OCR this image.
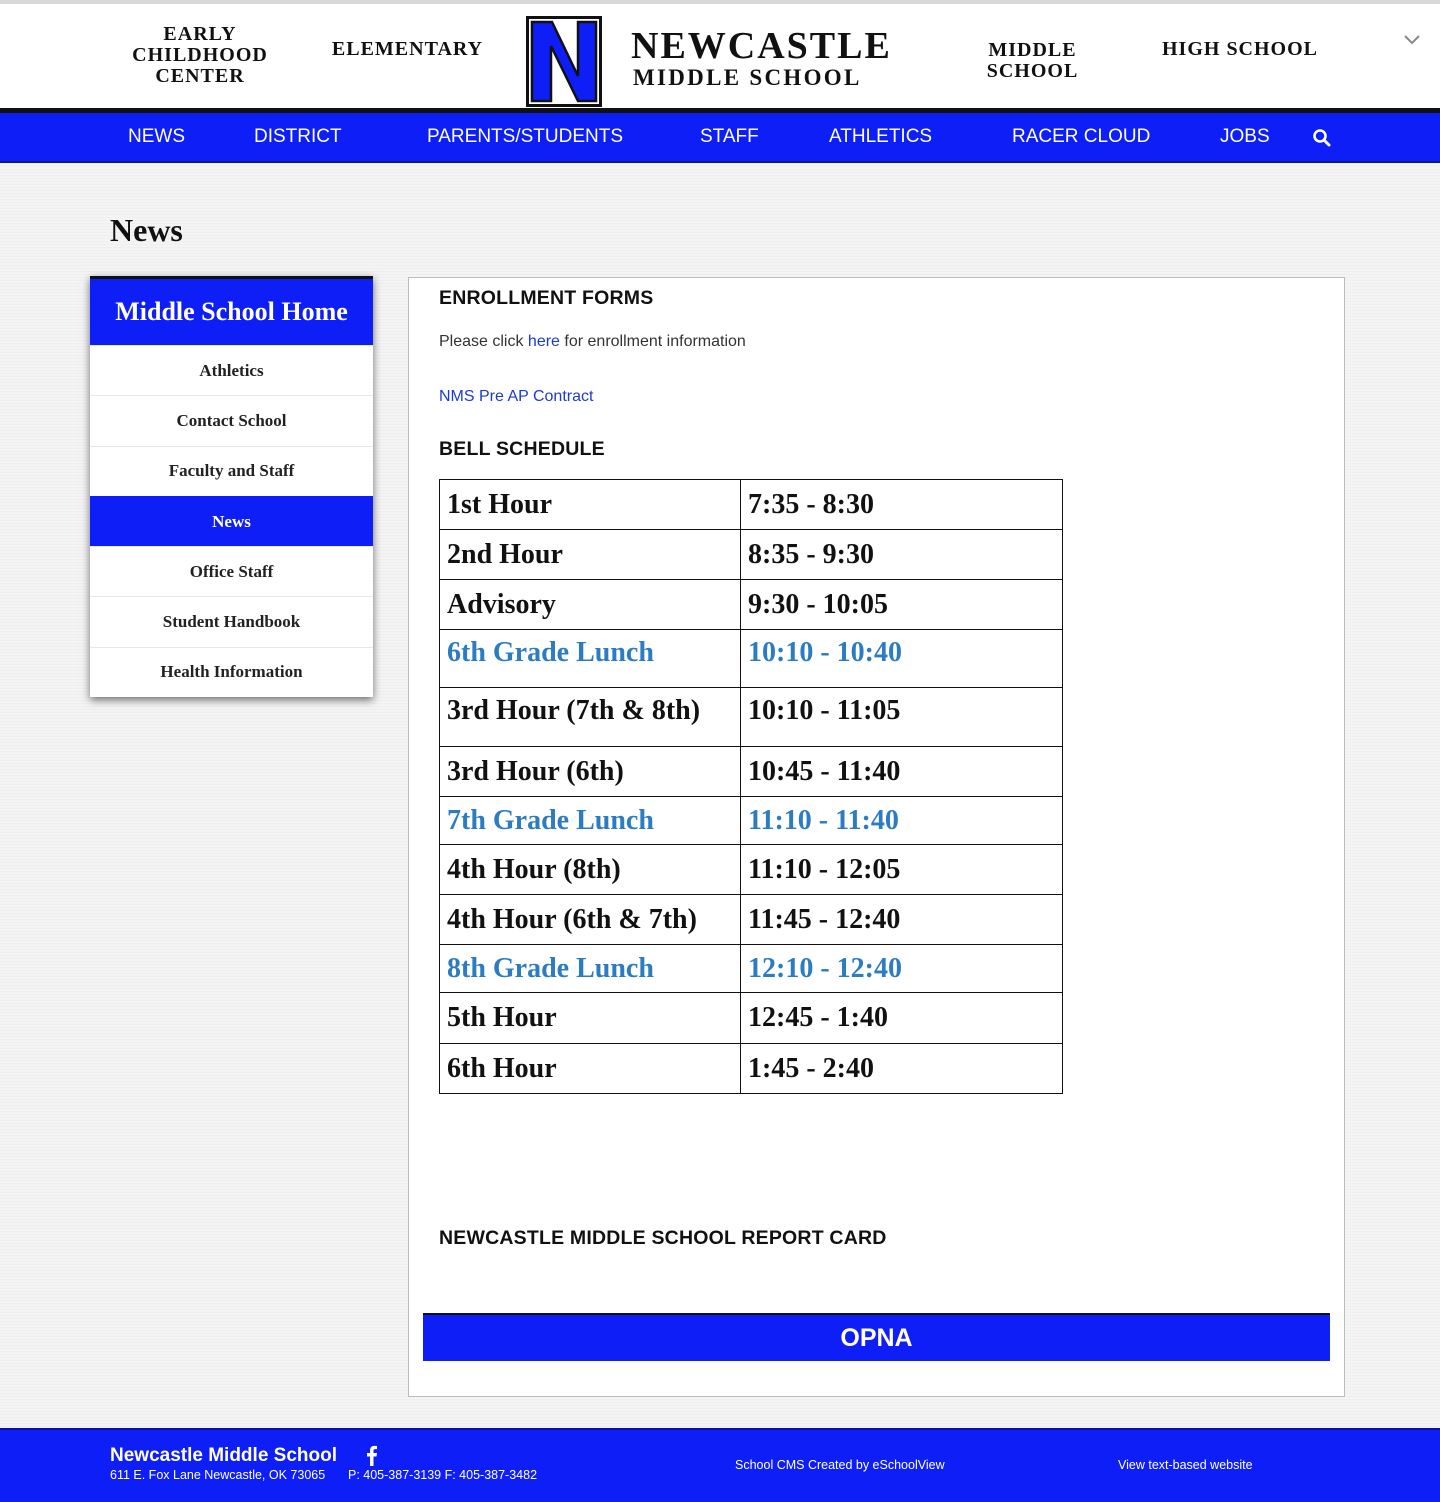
EARLY
CHILDHOOD
CENTER
ELEMENTARY	NEWCASTLE
MIDDLE SCHOOL
MIDDLE
SCHOOL
HIGH SCHOOL
NEWS	DISTRICT	PARENTS/STUDENTS	STAFF	ATHLETICS	RACER CLOUD	JOBS
News
Middle School Home
Athletics
Contact School
Faculty and Staff
News
Office Staff
Student Handbook
Health Information
ENROLLMENT FORMS

Please click here for enrollment information

NMS Pre AP Contract
BELL SCHEDULE
1st Hour	7:35 - 8:30
2nd Hour	8:35 - 9:30
Advisory	9:30 - 10:05
6th Grade Lunch	10:10 - 10:40
3rd Hour (7th & 8th)	10:10 - 11:05
3rd Hour (6th)	10:45 - 11:40
7th Grade Lunch	11:10 - 11:40
4th Hour (8th)	11:10 - 12:05
4th Hour (6th & 7th)	11:45 - 12:40
8th Grade Lunch	12:10 - 12:40
5th Hour	12:45 - 1:40
6th Hour	1:45 - 2:40
NEWCASTLE MIDDLE SCHOOL REPORT CARD
OPNA
Newcastle Middle School
611 E. Fox Lane Newcastle, OK 73065 P: 405-387-3139 F: 405-387-3482
School CMS Created by eSchoolView	View text-based website
